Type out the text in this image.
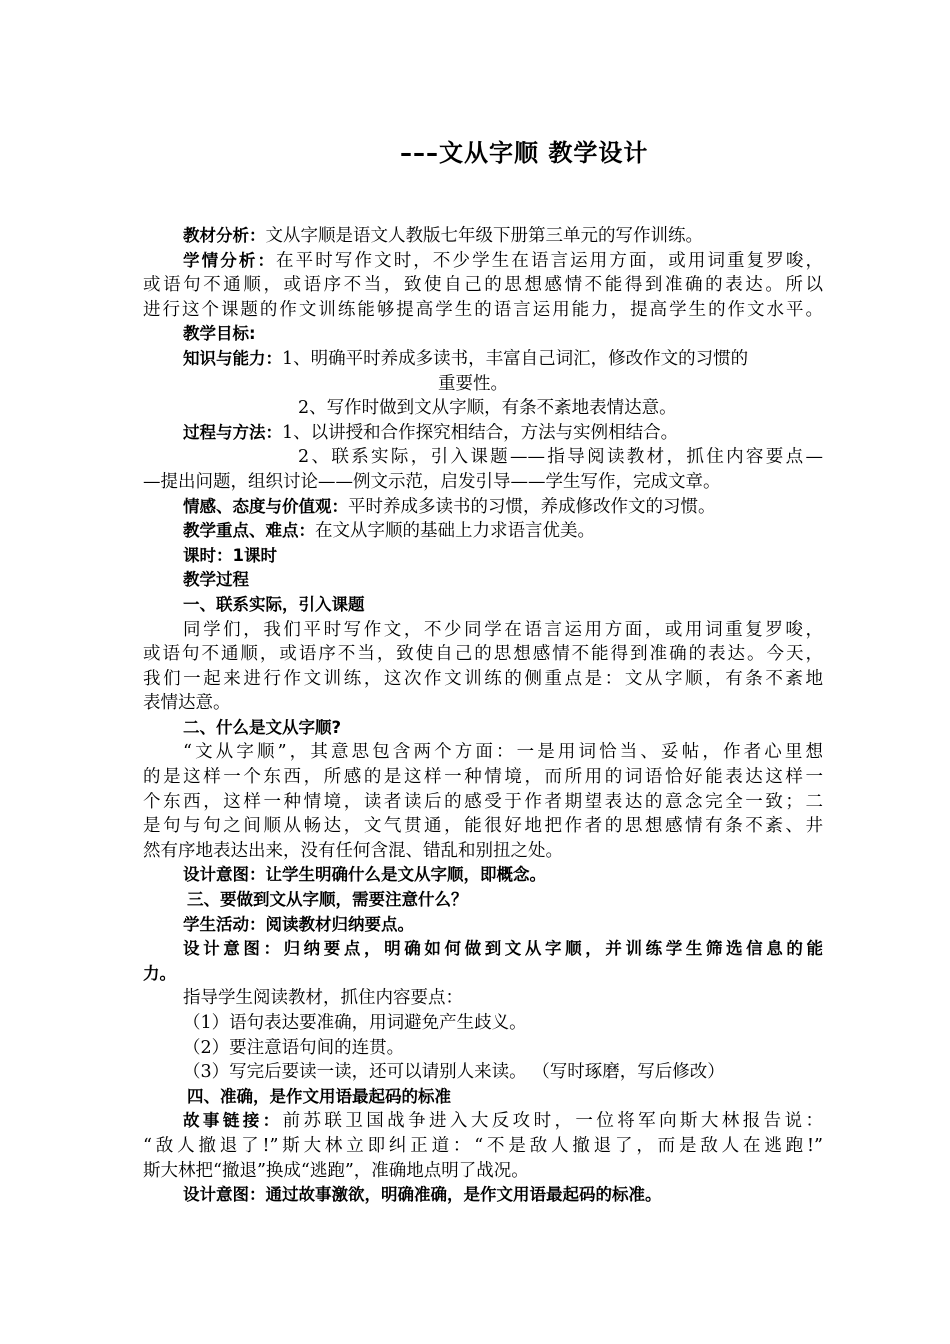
–––文从字顺 教学设计
教材分析：文从字顺是语文人教版七年级下册第三单元的写作训练。
学情分析：在平时写作文时，不少学生在语言运用方面，或用词重复罗唆，
或语句不通顺，或语序不当，致使自己的思想感情不能得到准确的表达。所以
进行这个课题的作文训练能够提高学生的语言运用能力，提高学生的作文水平。
教学目标:
知识与能力：1、明确平时养成多读书，丰富自己词汇，修改作文的习惯的
重要性。
2、写作时做到文从字顺，有条不紊地表情达意。
过程与方法：1、以讲授和合作探究相结合，方法与实例相结合。
2、联系实际，引入课题——指导阅读教材，抓住内容要点—
—提出问题，组织讨论——例文示范，启发引导——学生写作，完成文章。
情感、态度与价值观：平时养成多读书的习惯，养成修改作文的习惯。
教学重点、难点：在文从字顺的基础上力求语言优美。
课时：1课时
教学过程
一、联系实际，引入课题
同学们，我们平时写作文，不少同学在语言运用方面，或用词重复罗唆，
或语句不通顺，或语序不当，致使自己的思想感情不能得到准确的表达。今天，
我们一起来进行作文训练，这次作文训练的侧重点是：文从字顺，有条不紊地
表情达意。
二、什么是文从字顺?
“文从字顺”，其意思包含两个方面：一是用词恰当、妥帖，作者心里想
的是这样一个东西，所感的是这样一种情境，而所用的词语恰好能表达这样一
个东西，这样一种情境，读者读后的感受于作者期望表达的意念完全一致；二
是句与句之间顺从畅达，文气贯通，能很好地把作者的思想感情有条不紊、井
然有序地表达出来，没有任何含混、错乱和别扭之处。
设计意图：让学生明确什么是文从字顺，即概念。
三、要做到文从字顺，需要注意什么？
学生活动：阅读教材归纳要点。
设计意图：归纳要点，明确如何做到文从字顺，并训练学生筛选信息的能
力。
指导学生阅读教材，抓住内容要点：
（1）语句表达要准确，用词避免产生歧义。
（2）要注意语句间的连贯。
（3）写完后要读一读，还可以请别人来读。 （写时琢磨，写后修改）
四、准确，是作文用语最起码的标准
故事链接：前苏联卫国战争进入大反攻时，一位将军向斯大林报告说：
“敌人撤退了!”斯大林立即纠正道：“不是敌人撤退了，而是敌人在逃跑!”
斯大林把“撤退”换成“逃跑”，准确地点明了战况。
设计意图：通过故事激欲，明确准确，是作文用语最起码的标准。
